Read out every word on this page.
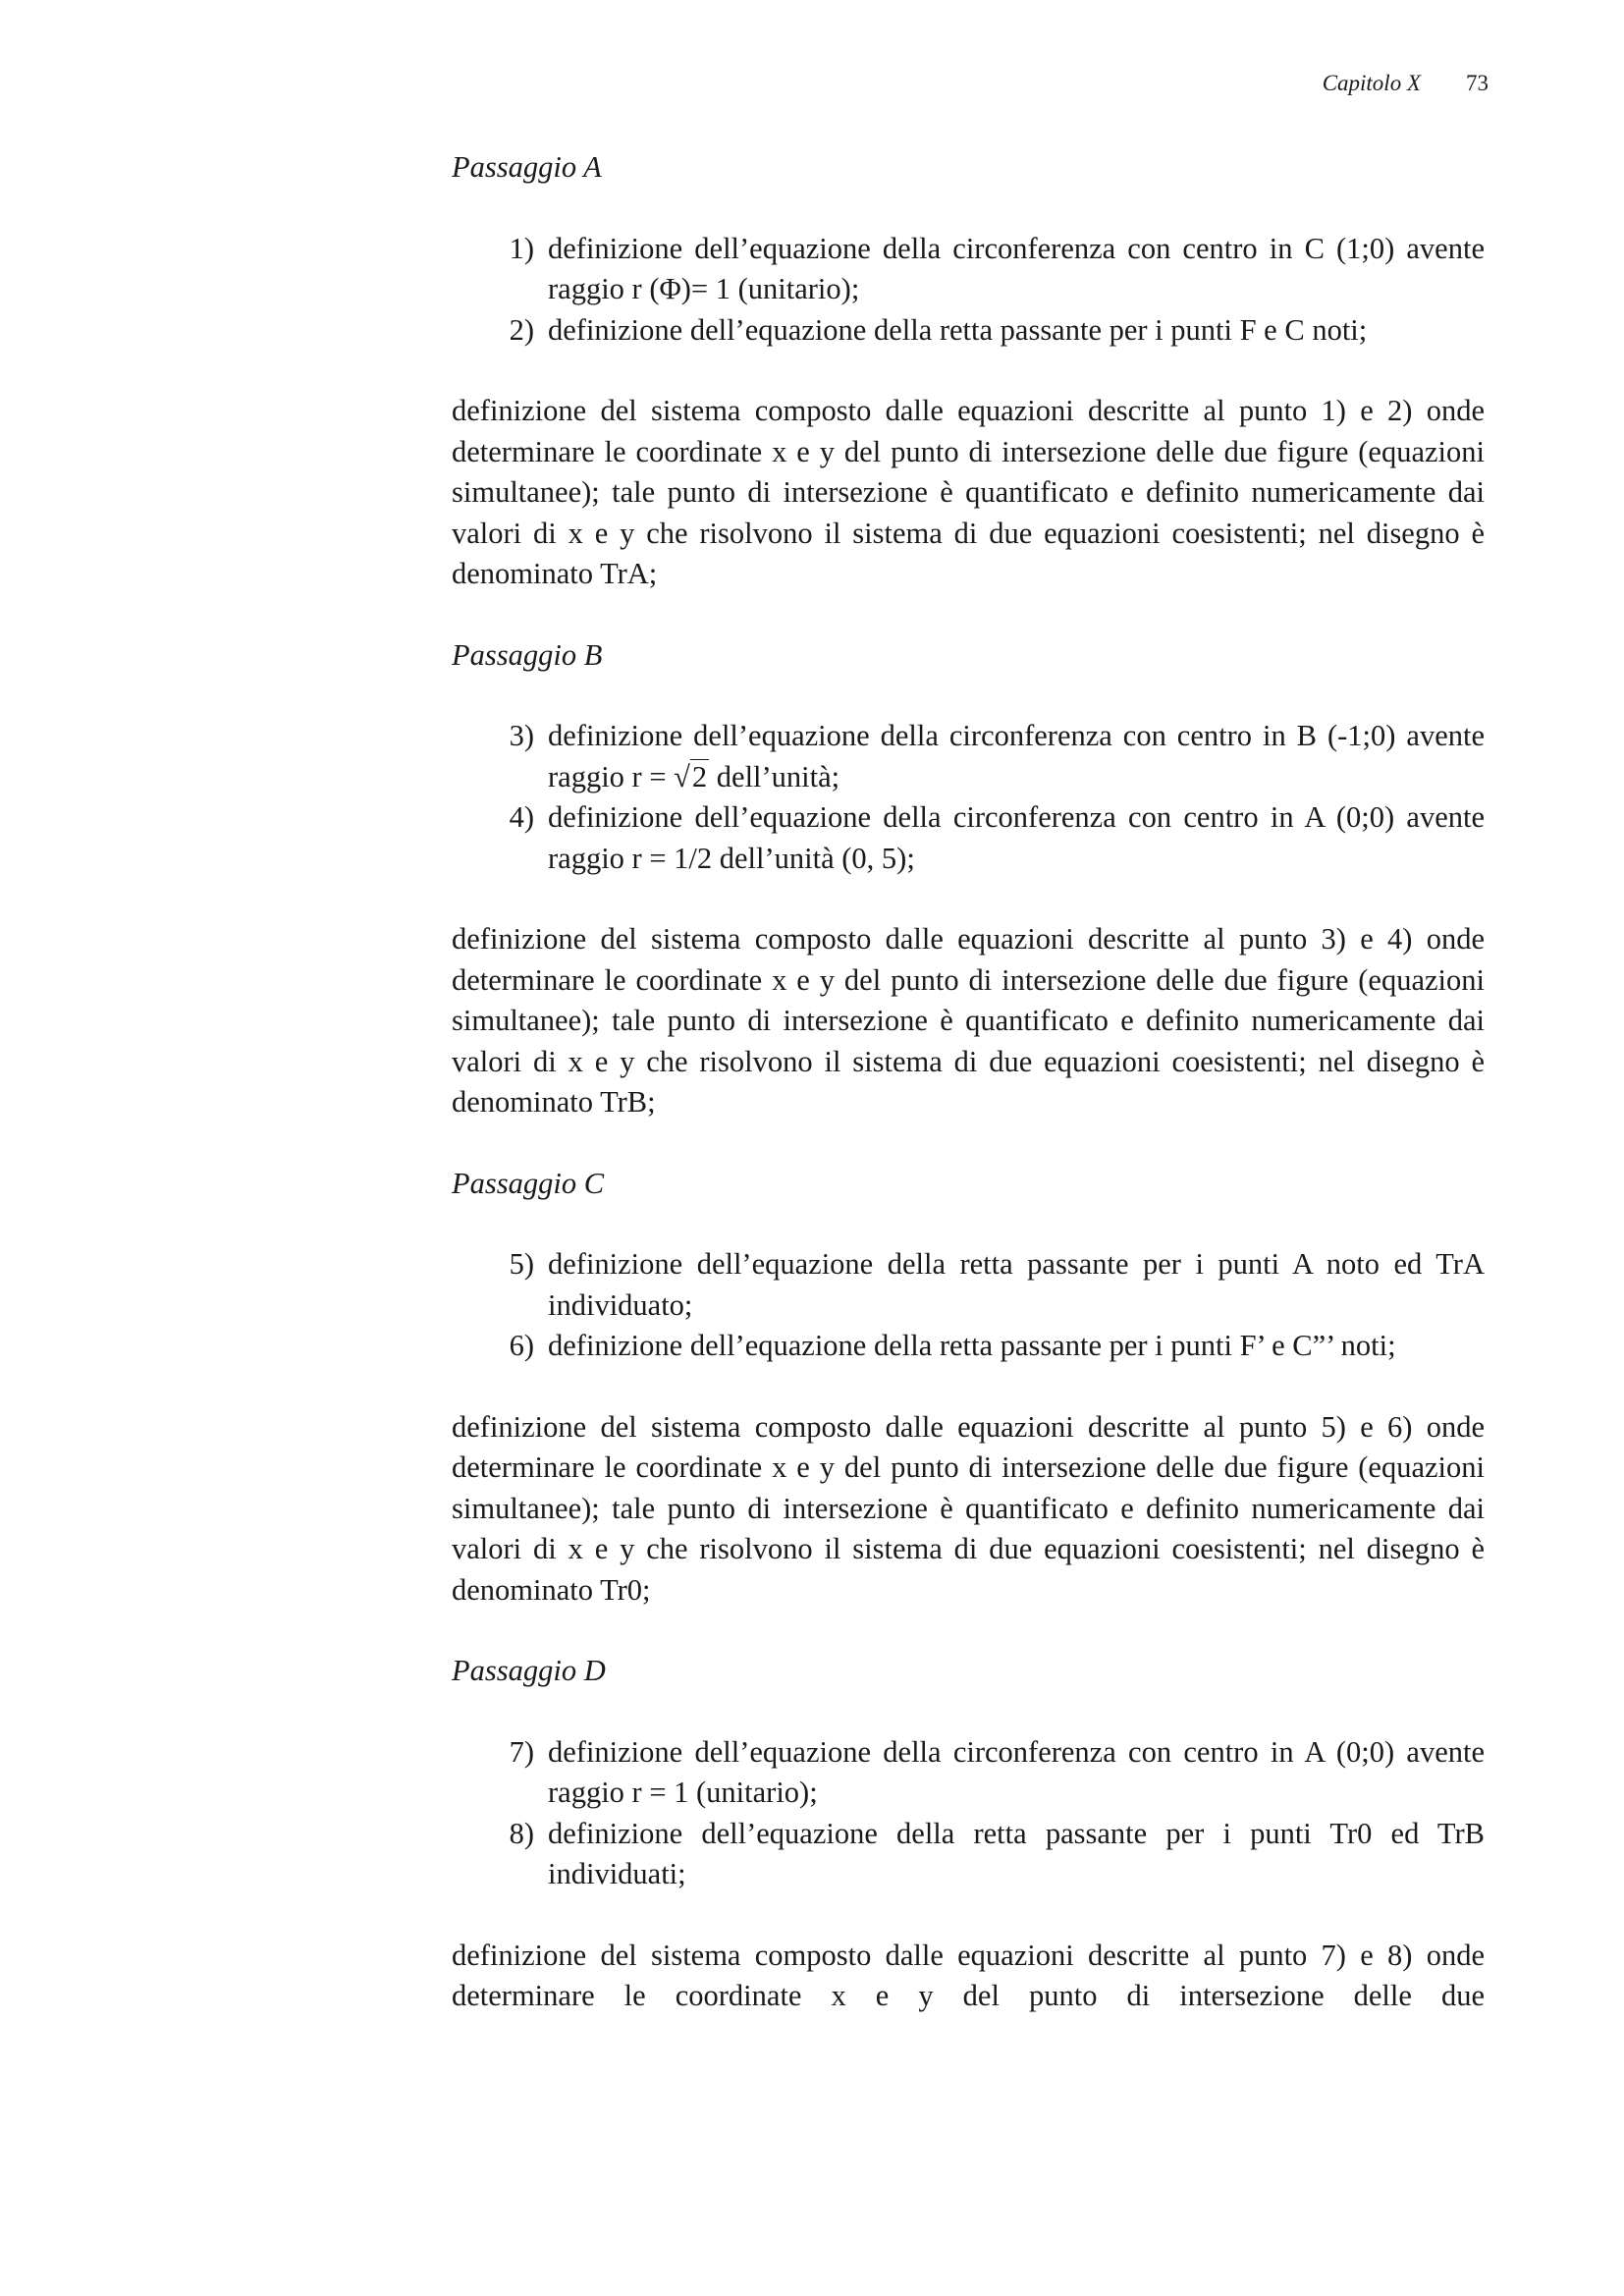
Capitolo X 73
Passaggio A
1) definizione dell’equazione della circonferenza con centro in C (1;0) avente raggio r (Φ)= 1 (unitario);
2) definizione dell’equazione della retta passante per i punti F e C noti;

definizione del sistema composto dalle equazioni descritte al punto 1) e 2) onde determinare le coordinate x e y del punto di intersezione delle due figure (equazioni simultanee); tale punto di intersezione è quantificato e definito numericamente dai valori di x e y che risolvono il sistema di due equazioni coesistenti; nel disegno è denominato TrA;

Passaggio B
3) definizione dell’equazione della circonferenza con centro in B (-1;0) avente raggio r = √2 dell’unità;
4) definizione dell’equazione della circonferenza con centro in A (0;0) avente raggio r = 1/2 dell’unità (0, 5);

definizione del sistema composto dalle equazioni descritte al punto 3) e 4) onde determinare le coordinate x e y del punto di intersezione delle due figure (equazioni simultanee); tale punto di intersezione è quantificato e definito numericamente dai valori di x e y che risolvono il sistema di due equazioni coesistenti; nel disegno è denominato TrB;

Passaggio C
5) definizione dell’equazione della retta passante per i punti A noto ed TrA individuato;
6) definizione dell’equazione della retta passante per i punti F’ e C”’ noti;

definizione del sistema composto dalle equazioni descritte al punto 5) e 6) onde determinare le coordinate x e y del punto di intersezione delle due figure (equazioni simultanee); tale punto di intersezione è quantificato e definito numericamente dai valori di x e y che risolvono il sistema di due equazioni coesistenti; nel disegno è denominato Tr0;

Passaggio D
7) definizione dell’equazione della circonferenza con centro in A (0;0) avente raggio r = 1 (unitario);
8) definizione dell’equazione della retta passante per i punti Tr0 ed TrB individuati;

definizione del sistema composto dalle equazioni descritte al punto 7) e 8) onde determinare le coordinate x e y del punto di intersezione delle due
